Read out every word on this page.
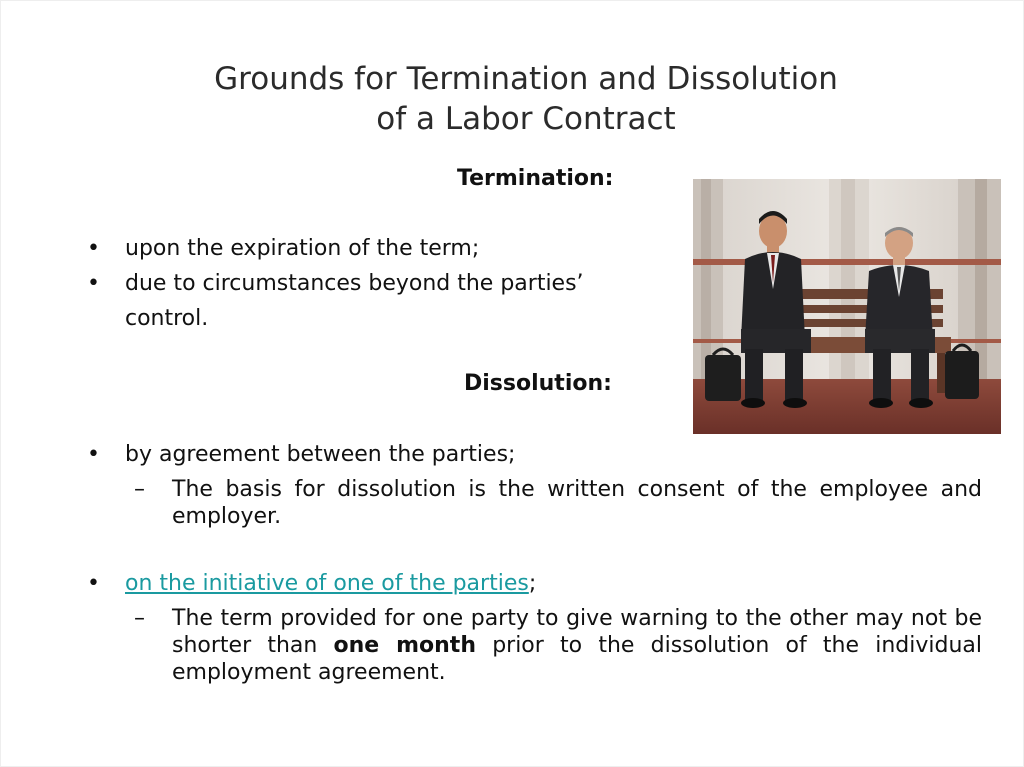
Grounds for Termination and Dissolution
of a Labor Contract
Termination:
• upon the expiration of the term;
• due to circumstances beyond the parties’
control.
Dissolution:
• by agreement between the parties;
– The basis for dissolution is the written consent of the employee and employer.
• on the initiative of one of the parties;
– The term provided for one party to give warning to the other may not be shorter than one month prior to the dissolution of the individual employment agreement.
